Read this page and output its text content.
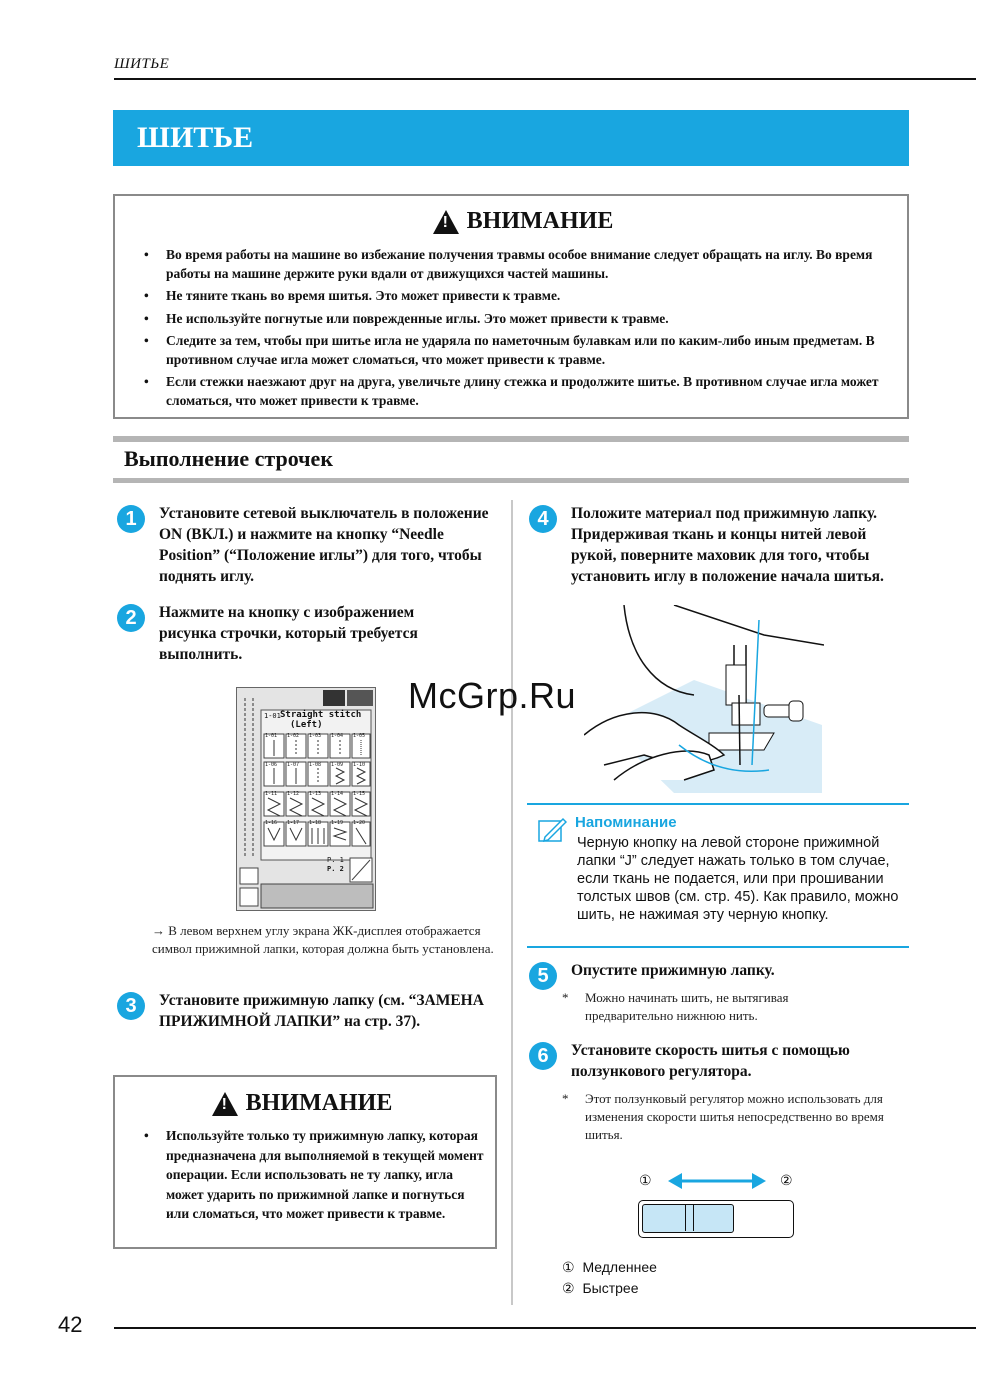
ШИТЬЕ
ШИТЬЕ
!
ВНИМАНИЕ
• Во время работы на машине во избежание получения травмы особое внимание следует обращать на иглу. Во время работы на машине держите руки вдали от движущихся частей машины.
• Не тяните ткань во время шитья. Это может привести к травме.
• Не используйте погнутые или поврежденные иглы. Это может привести к травме.
• Следите за тем, чтобы при шитье игла не ударяла по наметочным булавкам или по каким-либо иным предметам. В противном случае игла может сломаться, что может привести к травме.
• Если стежки наезжают друг на друга, увеличьте длину стежка и продолжите шитье. В противном случае игла может сломаться, что может привести к травме.
Выполнение строчек
1	Установите сетевой выключатель в положение ON (ВКЛ.) и нажмите на кнопку “Needle Position” (“Положение иглы”) для того, чтобы поднять иглу.
2	Нажмите на кнопку с изображением рисунка строчки, который требуется выполнить.
1-01 Straight stitch
(Left)
P. 1
P. 2
1-01	1-02	1-03	1-04	1-05
1-06	1-07	1-08	1-09	1-10
1-11	1-12	1-13	1-14	1-15
1-16	1-17	1-18	1-19	1-20
→ В левом верхнем углу экрана ЖК-дисплея отображается символ прижимной лапки, которая должна быть установлена.
3	Установите прижимную лапку (см. “ЗАМЕНА ПРИЖИМНОЙ ЛАПКИ” на стр. 37).
!
ВНИМАНИЕ
• Используйте только ту прижимную лапку, которая предназначена для выполняемой в текущей момент операции. Если использовать не ту лапку, игла может ударить по прижимной лапке и погнуться или сломаться, что может привести к травме.
4	Положите материал под прижимную лапку. Придерживая ткань и концы нитей левой рукой, поверните маховик для того, чтобы установить иглу в положение начала шитья.
McGrp.Ru
Напоминание
Черную кнопку на левой стороне прижимной лапки “J” следует нажать только в том случае, если ткань не подается, или при прошивании толстых швов (см. стр. 45). Как правило, можно шить, не нажимая эту черную кнопку.
5	Опустите прижимную лапку.
* Можно начинать шить, не вытягивая предварительно нижнюю нить.
6	Установите скорость шитья с помощью ползункового регулятора.
* Этот ползунковый регулятор можно использовать для изменения скорости шитья непосредственно во время шитья.
①	②
① Медленнее
② Быстрее
42
